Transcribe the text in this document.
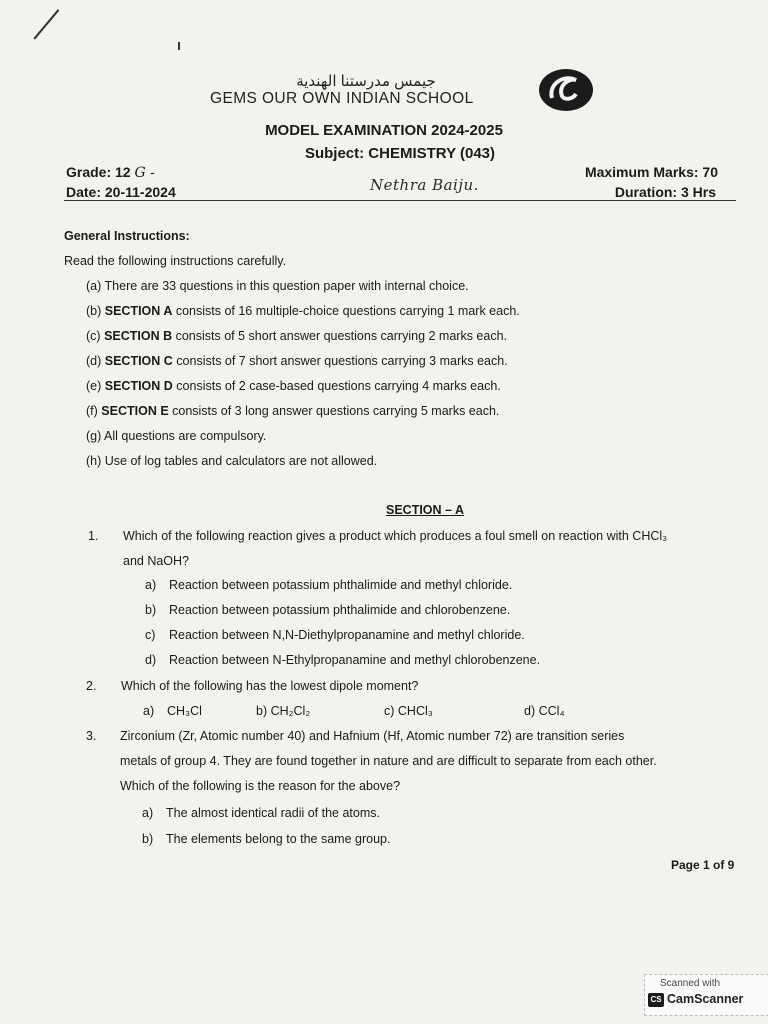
جيمس مدرستنا الهندية
GEMS OUR OWN INDIAN SCHOOL
MODEL EXAMINATION 2024-2025
Subject: CHEMISTRY (043)
Grade: 12 G -
Date: 20-11-2024	Nethra Baiju.
Maximum Marks: 70
Duration: 3 Hrs
General Instructions:
Read the following instructions carefully.
(a) There are 33 questions in this question paper with internal choice.
(b) SECTION A consists of 16 multiple-choice questions carrying 1 mark each.
(c) SECTION B consists of 5 short answer questions carrying 2 marks each.
(d) SECTION C consists of 7 short answer questions carrying 3 marks each.
(e) SECTION D consists of 2 case-based questions carrying 4 marks each.
(f) SECTION E consists of 3 long answer questions carrying 5 marks each.
(g) All questions are compulsory.
(h) Use of log tables and calculators are not allowed.
SECTION – A
1. Which of the following reaction gives a product which produces a foul smell on reaction with CHCl₃
and NaOH?
a) Reaction between potassium phthalimide and methyl chloride.
b) Reaction between potassium phthalimide and chlorobenzene.
c) Reaction between N,N-Diethylpropanamine and methyl chloride.
d) Reaction between N-Ethylpropanamine and methyl chlorobenzene.
2. Which of the following has the lowest dipole moment?
a) CH₃Cl	b) CH₂Cl₂	c) CHCl₃	d) CCl₄
3. Zirconium (Zr, Atomic number 40) and Hafnium (Hf, Atomic number 72) are transition series
metals of group 4. They are found together in nature and are difficult to separate from each other.
Which of the following is the reason for the above?
a) The almost identical radii of the atoms.
b) The elements belong to the same group.
Page 1 of 9
Scanned with
CS CamScanner
